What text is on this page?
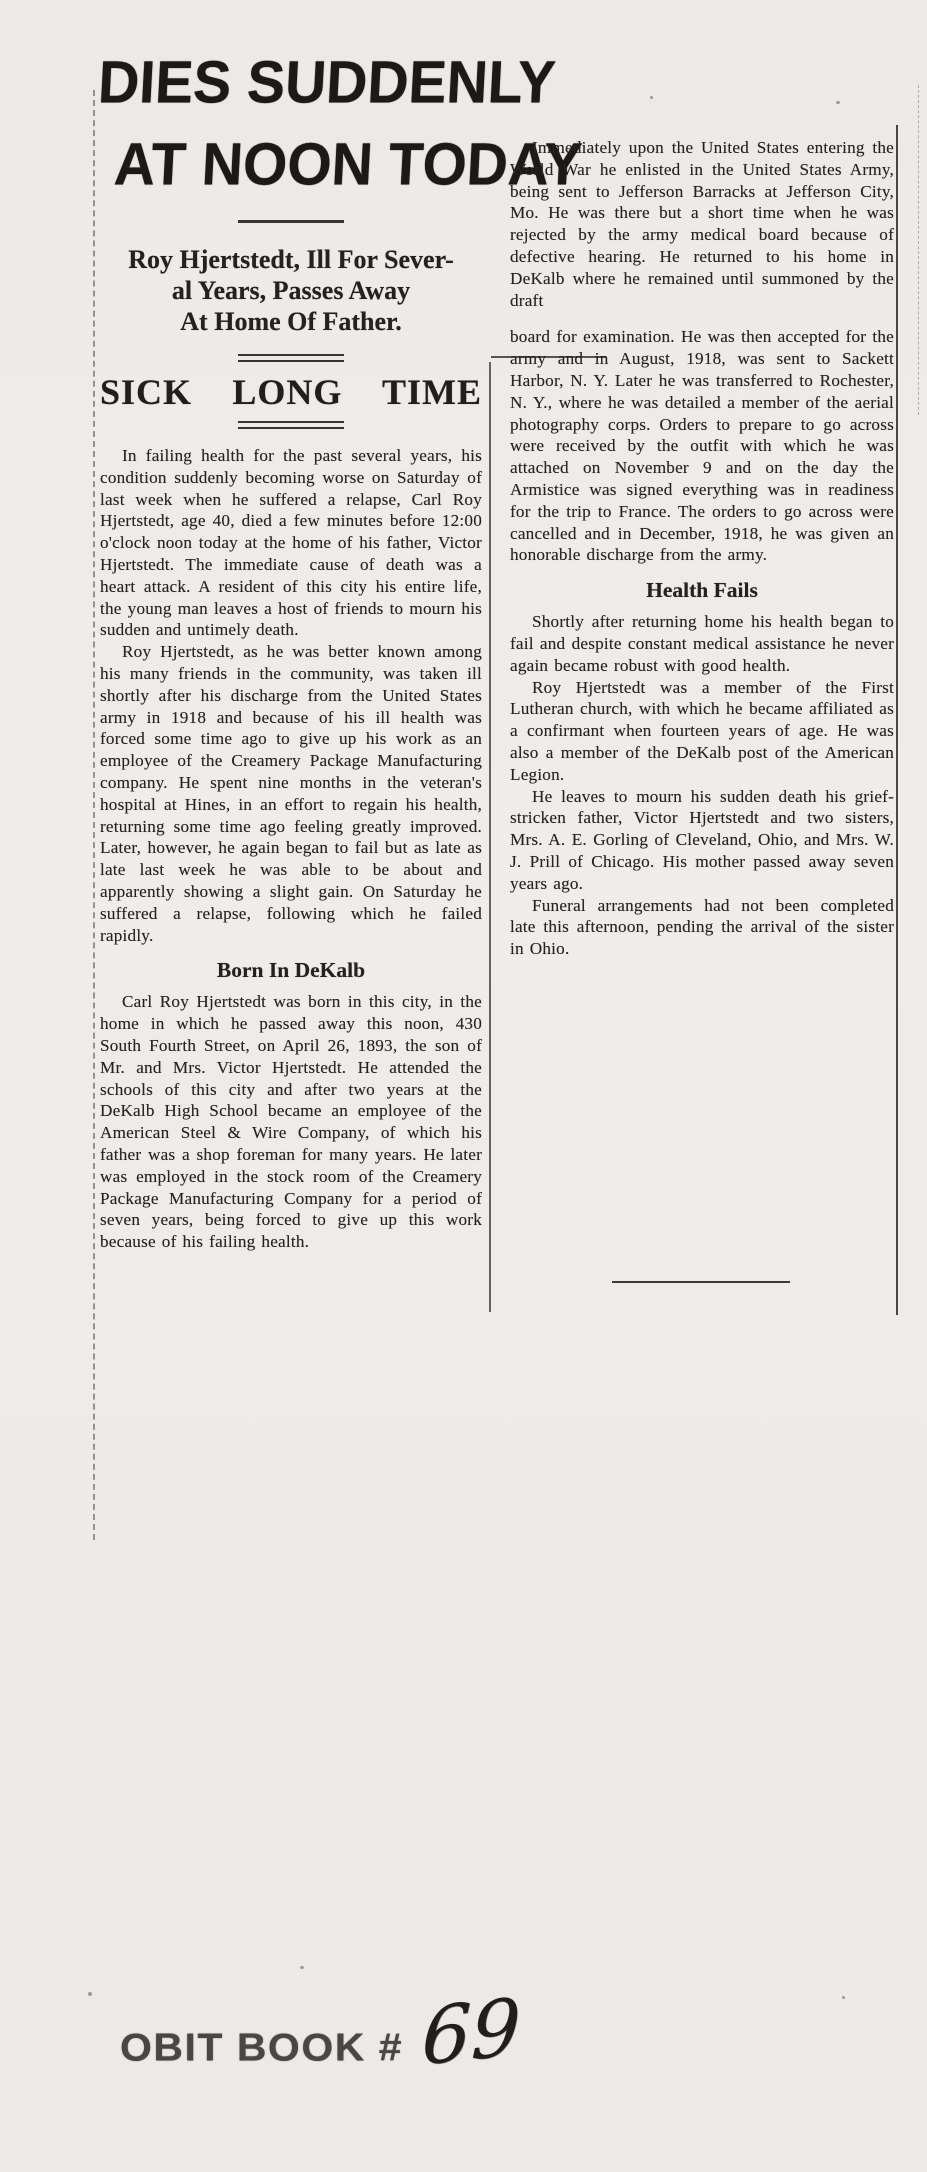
DIES SUDDENLY
AT NOON TODAY
Roy Hjertstedt, Ill For Sever-
al Years, Passes Away
At Home Of Father.
SICK LONG TIME

In failing health for the past several years, his condition suddenly becoming worse on Saturday of last week when he suffered a relapse, Carl Roy Hjertstedt, age 40, died a few minutes before 12:00 o'clock noon today at the home of his father, Victor Hjertstedt. The immediate cause of death was a heart attack. A resident of this city his entire life, the young man leaves a host of friends to mourn his sudden and untimely death.

Roy Hjertstedt, as he was better known among his many friends in the community, was taken ill shortly after his discharge from the United States army in 1918 and because of his ill health was forced some time ago to give up his work as an employee of the Creamery Package Manufacturing company. He spent nine months in the veteran's hospital at Hines, in an effort to regain his health, returning some time ago feeling greatly improved. Later, however, he again began to fail but as late as late last week he was able to be about and apparently showing a slight gain. On Saturday he suffered a relapse, following which he failed rapidly.

Born In DeKalb

Carl Roy Hjertstedt was born in this city, in the home in which he passed away this noon, 430 South Fourth Street, on April 26, 1893, the son of Mr. and Mrs. Victor Hjertstedt. He attended the schools of this city and after two years at the DeKalb High School became an employee of the American Steel & Wire Company, of which his father was a shop foreman for many years. He later was employed in the stock room of the Creamery Package Manufacturing Company for a period of seven years, being forced to give up this work because of his failing health.

Immediately upon the United States entering the World War he enlisted in the United States Army, being sent to Jefferson Barracks at Jefferson City, Mo. He was there but a short time when he was rejected by the army medical board because of defective hearing. He returned to his home in DeKalb where he remained until summoned by the draft

board for examination. He was then accepted for the army and in August, 1918, was sent to Sackett Harbor, N. Y. Later he was transferred to Rochester, N. Y., where he was detailed a member of the aerial photography corps. Orders to prepare to go across were received by the outfit with which he was attached on November 9 and on the day the Armistice was signed everything was in readiness for the trip to France. The orders to go across were cancelled and in December, 1918, he was given an honorable discharge from the army.

Health Fails

Shortly after returning home his health began to fail and despite constant medical assistance he never again became robust with good health.

Roy Hjertstedt was a member of the First Lutheran church, with which he became affiliated as a confirmant when fourteen years of age. He was also a member of the DeKalb post of the American Legion.

He leaves to mourn his sudden death his grief-stricken father, Victor Hjertstedt and two sisters, Mrs. A. E. Gorling of Cleveland, Ohio, and Mrs. W. J. Prill of Chicago. His mother passed away seven years ago.

Funeral arrangements had not been completed late this afternoon, pending the arrival of the sister in Ohio.

OBIT BOOK # 69
